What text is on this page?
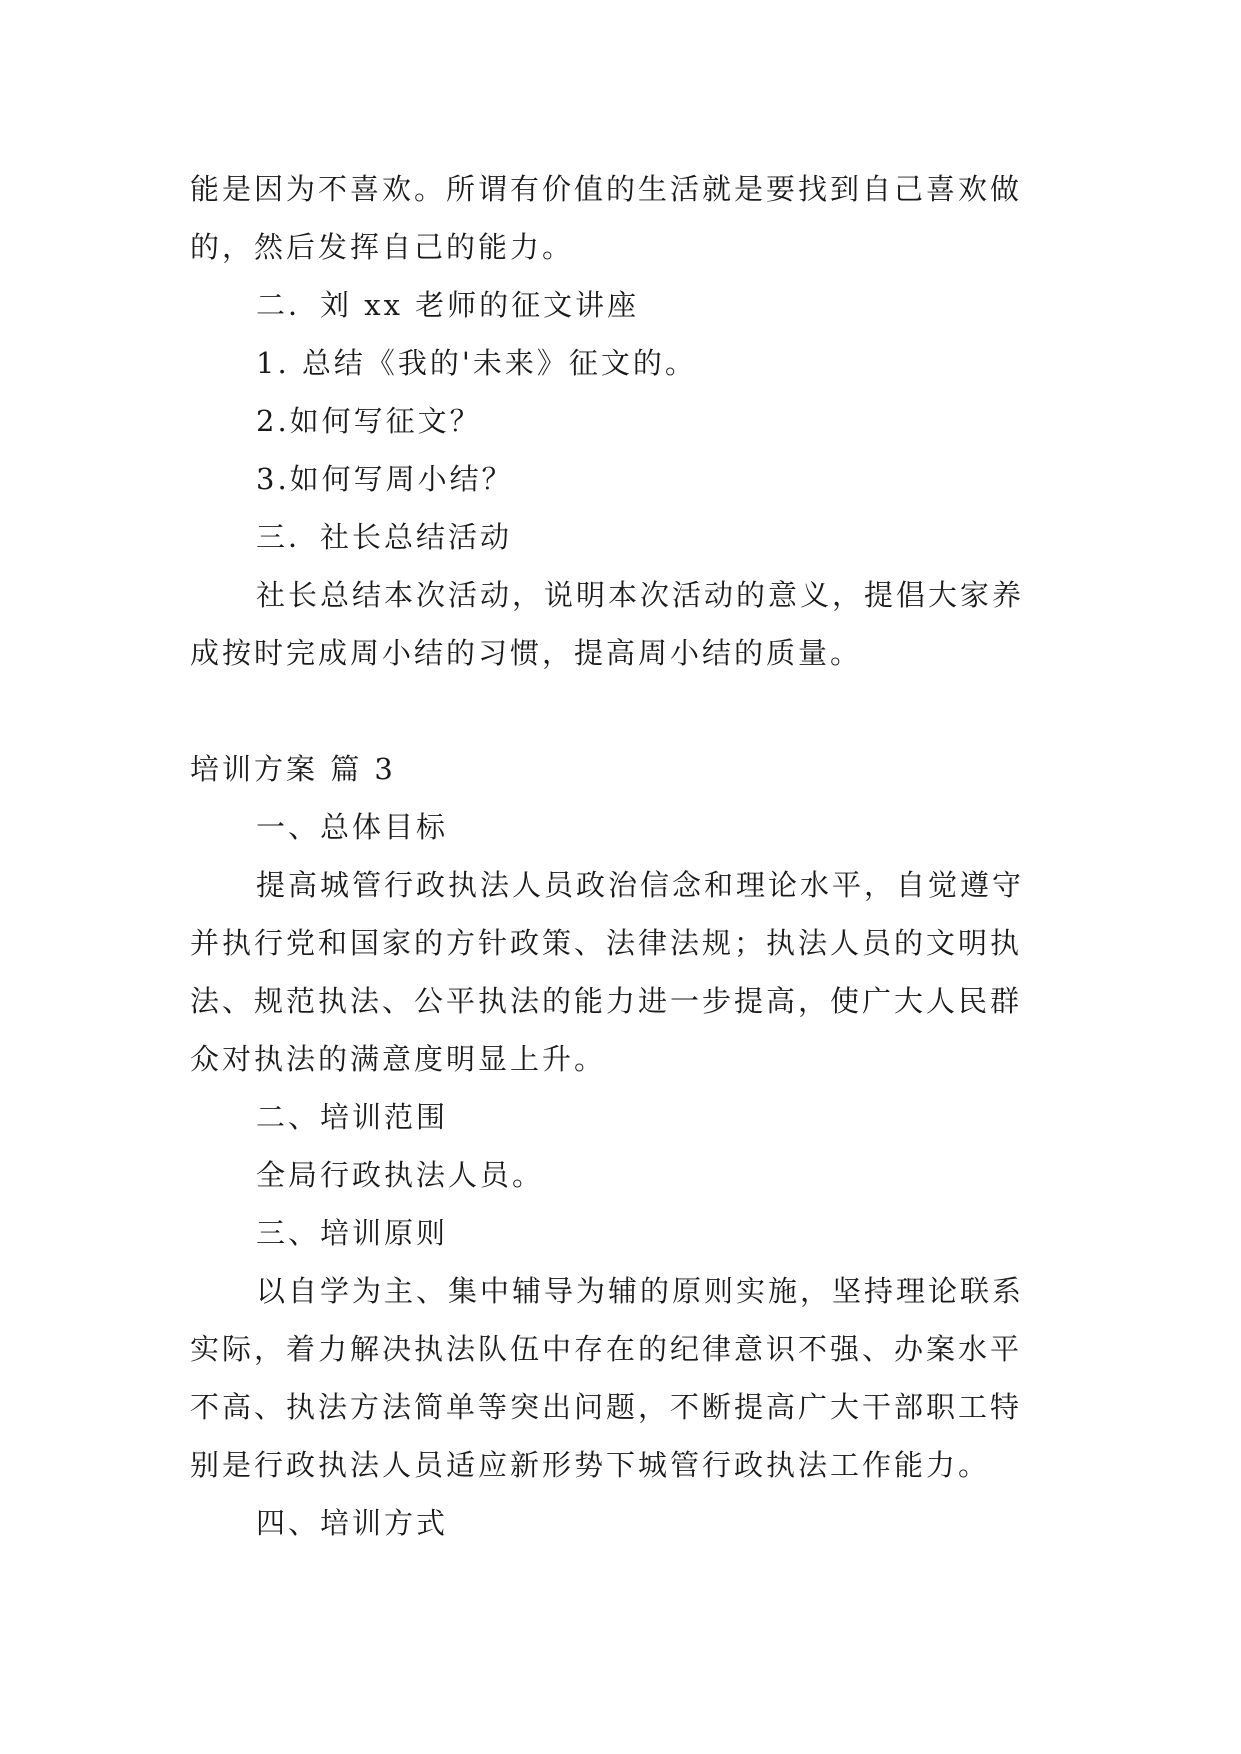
能是因为不喜欢。所谓有价值的生活就是要找到自己喜欢做

的，然后发挥自己的能力。

二．刘 xx 老师的征文讲座

1. 总结《我的'未来》征文的。

2.如何写征文？

3.如何写周小结？

三．社长总结活动

社长总结本次活动，说明本次活动的意义，提倡大家养

成按时完成周小结的习惯，提高周小结的质量。

培训方案 篇 3

一、总体目标

提高城管行政执法人员政治信念和理论水平，自觉遵守

并执行党和国家的方针政策、法律法规；执法人员的文明执

法、规范执法、公平执法的能力进一步提高，使广大人民群

众对执法的满意度明显上升。

二、培训范围

全局行政执法人员。

三、培训原则

以自学为主、集中辅导为辅的原则实施，坚持理论联系

实际，着力解决执法队伍中存在的纪律意识不强、办案水平

不高、执法方法简单等突出问题，不断提高广大干部职工特

别是行政执法人员适应新形势下城管行政执法工作能力。

四、培训方式
